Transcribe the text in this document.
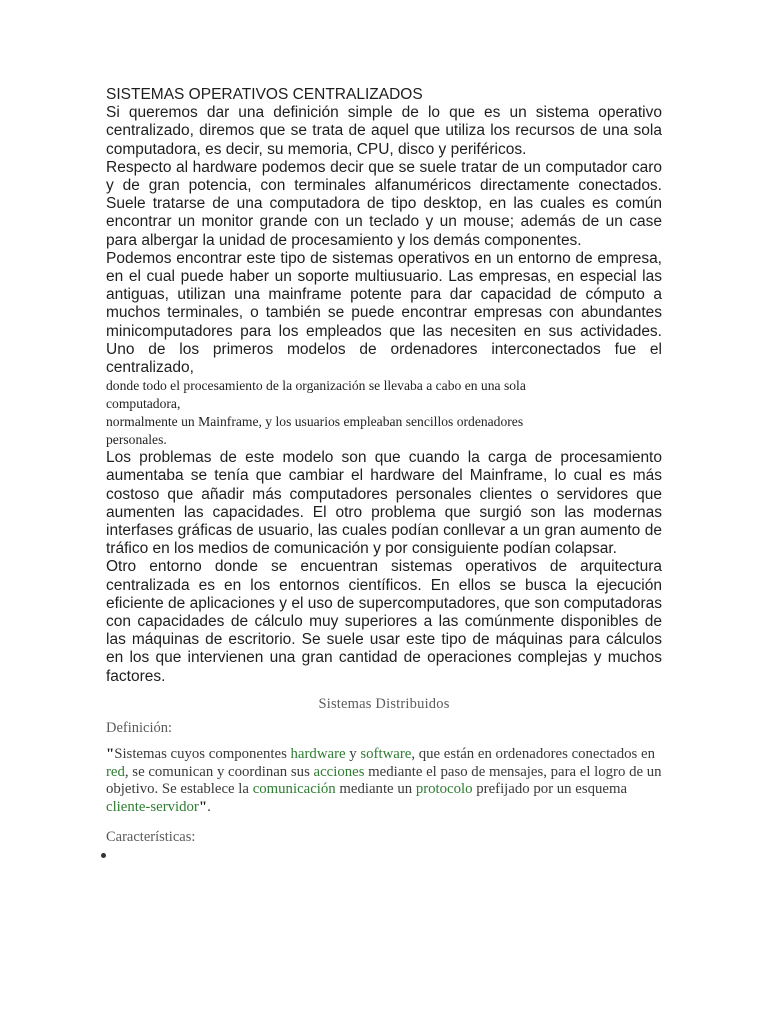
SISTEMAS OPERATIVOS CENTRALIZADOS

Si queremos dar una definición simple de lo que es un sistema operativo centralizado, diremos que se trata de aquel que utiliza los recursos de una sola computadora, es decir, su memoria, CPU, disco y periféricos.

Respecto al hardware podemos decir que se suele tratar de un computador caro y de gran potencia, con terminales alfanuméricos directamente conectados. Suele tratarse de una computadora de tipo desktop, en las cuales es común encontrar un monitor grande con un teclado y un mouse; además de un case para albergar la unidad de procesamiento y los demás componentes.

Podemos encontrar este tipo de sistemas operativos en un entorno de empresa, en el cual puede haber un soporte multiusuario. Las empresas, en especial las antiguas, utilizan una mainframe potente para dar capacidad de cómputo a muchos terminales, o también se puede encontrar empresas con abundantes minicomputadores para los empleados que las necesiten en sus actividades. Uno de los primeros modelos de ordenadores interconectados fue el centralizado,

donde todo el procesamiento de la organización se llevaba a cabo en una sola

computadora,

normalmente un Mainframe, y los usuarios empleaban sencillos ordenadores

personales.

Los problemas de este modelo son que cuando la carga de procesamiento aumentaba se tenía que cambiar el hardware del Mainframe, lo cual es más costoso que añadir más computadores personales clientes o servidores que aumenten las capacidades. El otro problema que surgió son las modernas interfases gráficas de usuario, las cuales podían conllevar a un gran aumento de tráfico en los medios de comunicación y por consiguiente podían colapsar.

Otro entorno donde se encuentran sistemas operativos de arquitectura centralizada es en los entornos científicos. En ellos se busca la ejecución eficiente de aplicaciones y el uso de supercomputadores, que son computadoras con capacidades de cálculo muy superiores a las comúnmente disponibles de las máquinas de escritorio. Se suele usar este tipo de máquinas para cálculos en los que intervienen una gran cantidad de operaciones complejas y muchos factores.

Sistemas Distribuidos

Definición:

"Sistemas cuyos componentes hardware y software, que están en ordenadores conectados en red, se comunican y coordinan sus acciones mediante el paso de mensajes, para el logro de un objetivo. Se establece la comunicación mediante un protocolo prefijado por un esquema cliente-servidor".

Características:
